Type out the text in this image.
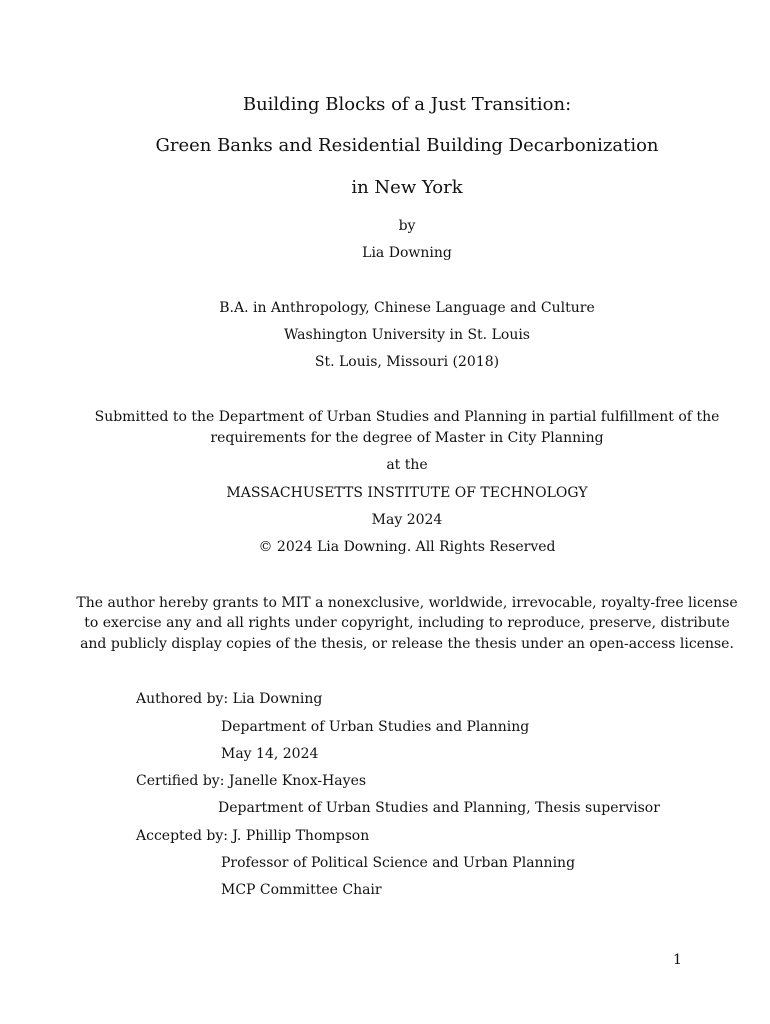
Building Blocks of a Just Transition:
Green Banks and Residential Building Decarbonization
in New York
by
Lia Downing
B.A. in Anthropology, Chinese Language and Culture
Washington University in St. Louis
St. Louis, Missouri (2018)
Submitted to the Department of Urban Studies and Planning in partial fulfillment of the
requirements for the degree of Master in City Planning
at the
MASSACHUSETTS INSTITUTE OF TECHNOLOGY
May 2024
© 2024 Lia Downing. All Rights Reserved
The author hereby grants to MIT a nonexclusive, worldwide, irrevocable, royalty-free license
to exercise any and all rights under copyright, including to reproduce, preserve, distribute
and publicly display copies of the thesis, or release the thesis under an open-access license.
Authored by: Lia Downing
Department of Urban Studies and Planning
May 14, 2024
Certified by: Janelle Knox-Hayes
Department of Urban Studies and Planning, Thesis supervisor
Accepted by: J. Phillip Thompson
Professor of Political Science and Urban Planning
MCP Committee Chair
1
